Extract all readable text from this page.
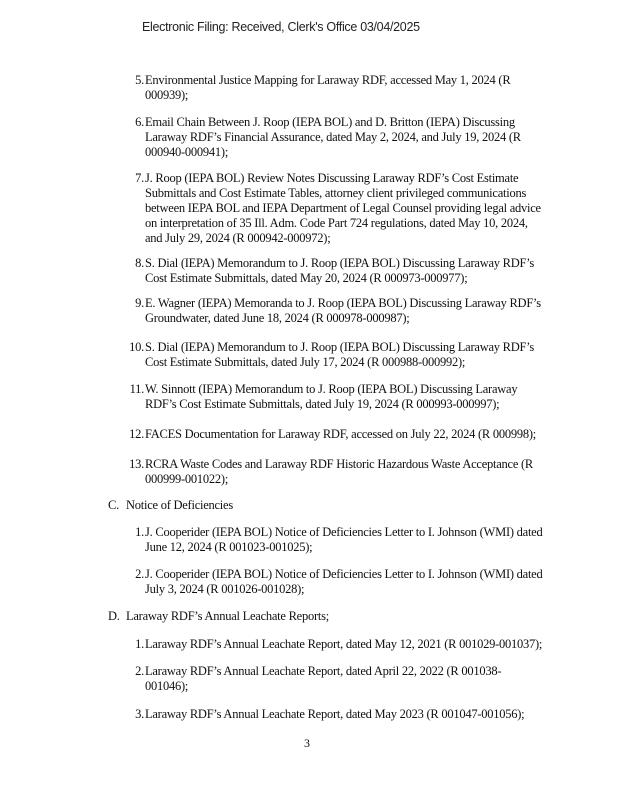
Electronic Filing: Received, Clerk's Office 03/04/2025
5. Environmental Justice Mapping for Laraway RDF, accessed May 1, 2024 (R
000939);
6. Email Chain Between J. Roop (IEPA BOL) and D. Britton (IEPA) Discussing
Laraway RDF’s Financial Assurance, dated May 2, 2024, and July 19, 2024 (R
000940-000941);
7. J. Roop (IEPA BOL) Review Notes Discussing Laraway RDF’s Cost Estimate
Submittals and Cost Estimate Tables, attorney client privileged communications
between IEPA BOL and IEPA Department of Legal Counsel providing legal advice
on interpretation of 35 Ill. Adm. Code Part 724 regulations, dated May 10, 2024,
and July 29, 2024 (R 000942-000972);
8. S. Dial (IEPA) Memorandum to J. Roop (IEPA BOL) Discussing Laraway RDF’s
Cost Estimate Submittals, dated May 20, 2024 (R 000973-000977);
9. E. Wagner (IEPA) Memoranda to J. Roop (IEPA BOL) Discussing Laraway RDF’s
Groundwater, dated June 18, 2024 (R 000978-000987);
10. S. Dial (IEPA) Memorandum to J. Roop (IEPA BOL) Discussing Laraway RDF’s
Cost Estimate Submittals, dated July 17, 2024 (R 000988-000992);
11. W. Sinnott (IEPA) Memorandum to J. Roop (IEPA BOL) Discussing Laraway
RDF’s Cost Estimate Submittals, dated July 19, 2024 (R 000993-000997);
12. FACES Documentation for Laraway RDF, accessed on July 22, 2024 (R 000998);
13. RCRA Waste Codes and Laraway RDF Historic Hazardous Waste Acceptance (R
000999-001022);
C. Notice of Deficiencies
1. J. Cooperider (IEPA BOL) Notice of Deficiencies Letter to I. Johnson (WMI) dated
June 12, 2024 (R 001023-001025);
2. J. Cooperider (IEPA BOL) Notice of Deficiencies Letter to I. Johnson (WMI) dated
July 3, 2024 (R 001026-001028);
D. Laraway RDF’s Annual Leachate Reports;
1. Laraway RDF’s Annual Leachate Report, dated May 12, 2021 (R 001029-001037);
2. Laraway RDF’s Annual Leachate Report, dated April 22, 2022 (R 001038-
001046);
3. Laraway RDF’s Annual Leachate Report, dated May 2023 (R 001047-001056);
3
